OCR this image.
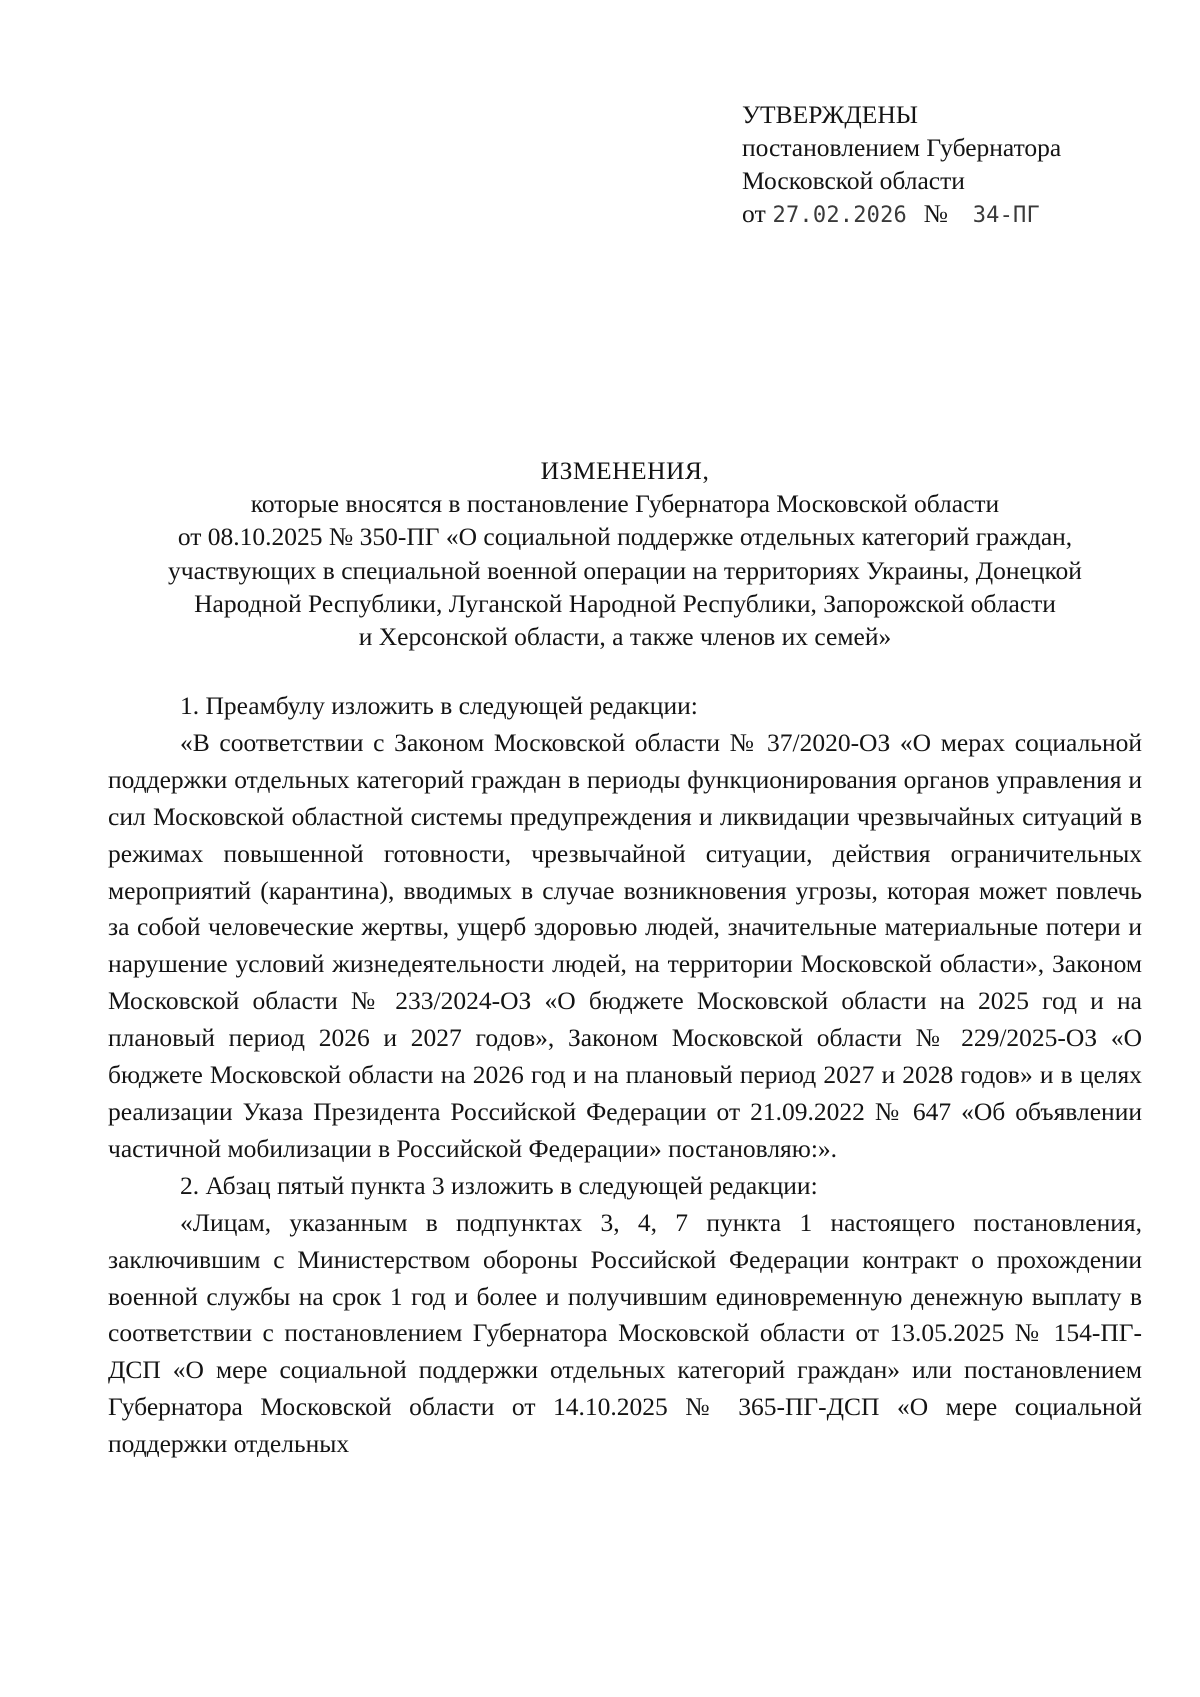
УТВЕРЖДЕНЫ
постановлением Губернатора
Московской области
от 27.02.2026 № 34-ПГ
ИЗМЕНЕНИЯ,
которые вносятся в постановление Губернатора Московской области
от 08.10.2025 № 350-ПГ «О социальной поддержке отдельных категорий граждан,
участвующих в специальной военной операции на территориях Украины, Донецкой
Народной Республики, Луганской Народной Республики, Запорожской области
и Херсонской области, а также членов их семей»

1. Преамбулу изложить в следующей редакции:

«В соответствии с Законом Московской области № 37/2020-ОЗ «О мерах социальной поддержки отдельных категорий граждан в периоды функционирования органов управления и сил Московской областной системы предупреждения и ликвидации чрезвычайных ситуаций в режимах повышенной готовности, чрезвычайной ситуации, действия ограничительных мероприятий (карантина), вводимых в случае возникновения угрозы, которая может повлечь за собой человеческие жертвы, ущерб здоровью людей, значительные материальные потери и нарушение условий жизнедеятельности людей, на территории Московской области», Законом Московской области № 233/2024-ОЗ «О бюджете Московской области на 2025 год и на плановый период 2026 и 2027 годов», Законом Московской области № 229/2025-ОЗ «О бюджете Московской области на 2026 год и на плановый период 2027 и 2028 годов» и в целях реализации Указа Президента Российской Федерации от 21.09.2022 № 647 «Об объявлении частичной мобилизации в Российской Федерации» постановляю:».

2. Абзац пятый пункта 3 изложить в следующей редакции:

«Лицам, указанным в подпунктах 3, 4, 7 пункта 1 настоящего постановления, заключившим с Министерством обороны Российской Федерации контракт о прохождении военной службы на срок 1 год и более и получившим единовременную денежную выплату в соответствии с постановлением Губернатора Московской области от 13.05.2025 № 154-ПГ-ДСП «О мере социальной поддержки отдельных категорий граждан» или постановлением Губернатора Московской области от 14.10.2025 № 365-ПГ-ДСП «О мере социальной поддержки отдельных
